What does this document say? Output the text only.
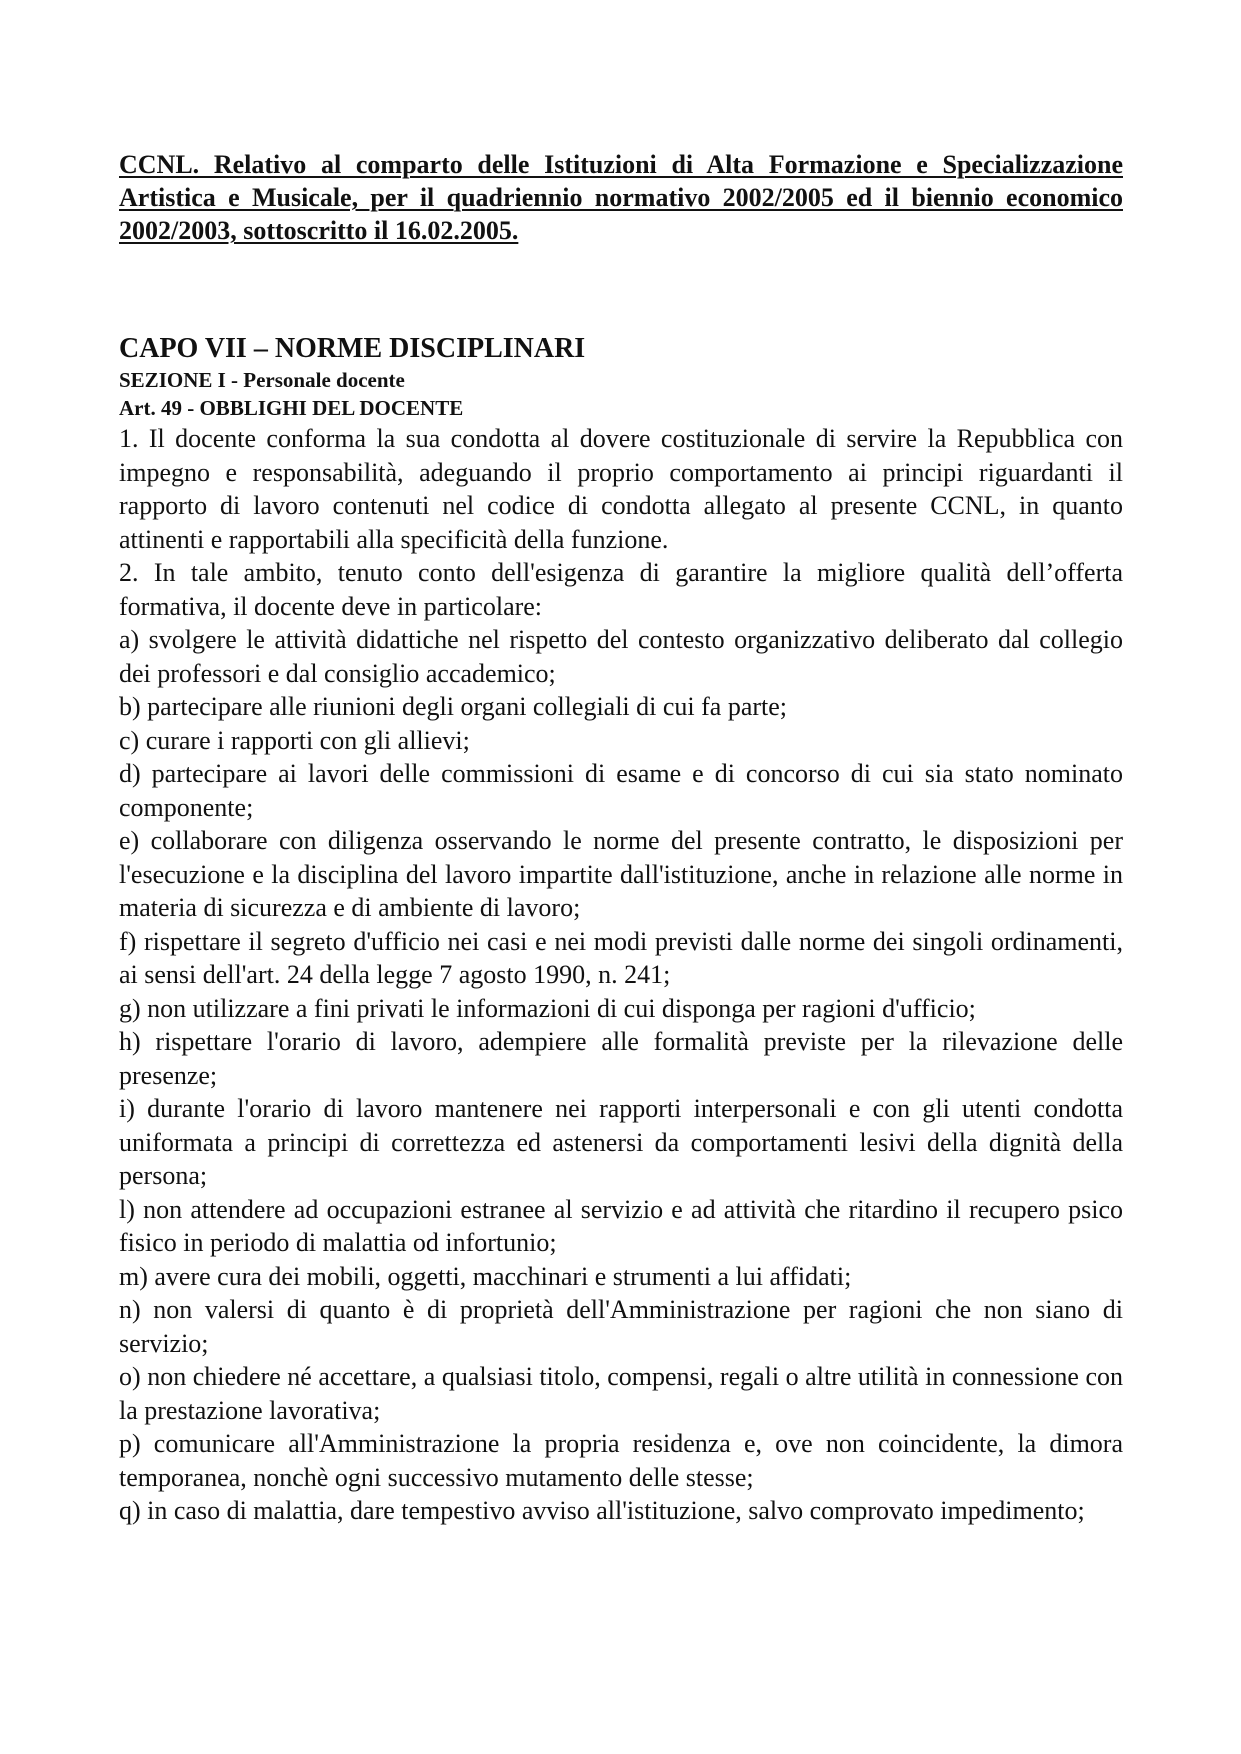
CCNL. Relativo al comparto delle Istituzioni di Alta Formazione e Specializzazione Artistica e Musicale, per il quadriennio normativo 2002/2005 ed il biennio economico 2002/2003, sottoscritto il 16.02.2005.

CAPO VII – NORME DISCIPLINARI

SEZIONE I - Personale docente

Art. 49 - OBBLIGHI DEL DOCENTE

1. Il docente conforma la sua condotta al dovere costituzionale di servire la Repubblica con impegno e responsabilità, adeguando il proprio comportamento ai principi riguardanti il rapporto di lavoro contenuti nel codice di condotta allegato al presente CCNL, in quanto attinenti e rapportabili alla specificità della funzione.

2. In tale ambito, tenuto conto dell'esigenza di garantire la migliore qualità dell’offerta formativa, il docente deve in particolare:

a) svolgere le attività didattiche nel rispetto del contesto organizzativo deliberato dal collegio dei professori e dal consiglio accademico;

b) partecipare alle riunioni degli organi collegiali di cui fa parte;

c) curare i rapporti con gli allievi;

d) partecipare ai lavori delle commissioni di esame e di concorso di cui sia stato nominato componente;

e) collaborare con diligenza osservando le norme del presente contratto, le disposizioni per l'esecuzione e la disciplina del lavoro impartite dall'istituzione, anche in relazione alle norme in materia di sicurezza e di ambiente di lavoro;

f) rispettare il segreto d'ufficio nei casi e nei modi previsti dalle norme dei singoli ordinamenti, ai sensi dell'art. 24 della legge 7 agosto 1990, n. 241;

g) non utilizzare a fini privati le informazioni di cui disponga per ragioni d'ufficio;

h) rispettare l'orario di lavoro, adempiere alle formalità previste per la rilevazione delle presenze;

i) durante l'orario di lavoro mantenere nei rapporti interpersonali e con gli utenti condotta uniformata a principi di correttezza ed astenersi da comportamenti lesivi della dignità della persona;

l) non attendere ad occupazioni estranee al servizio e ad attività che ritardino il recupero psico fisico in periodo di malattia od infortunio;

m) avere cura dei mobili, oggetti, macchinari e strumenti a lui affidati;

n) non valersi di quanto è di proprietà dell'Amministrazione per ragioni che non siano di servizio;

o) non chiedere né accettare, a qualsiasi titolo, compensi, regali o altre utilità in connessione con la prestazione lavorativa;

p) comunicare all'Amministrazione la propria residenza e, ove non coincidente, la dimora temporanea, nonchè ogni successivo mutamento delle stesse;

q) in caso di malattia, dare tempestivo avviso all'istituzione, salvo comprovato impedimento;
